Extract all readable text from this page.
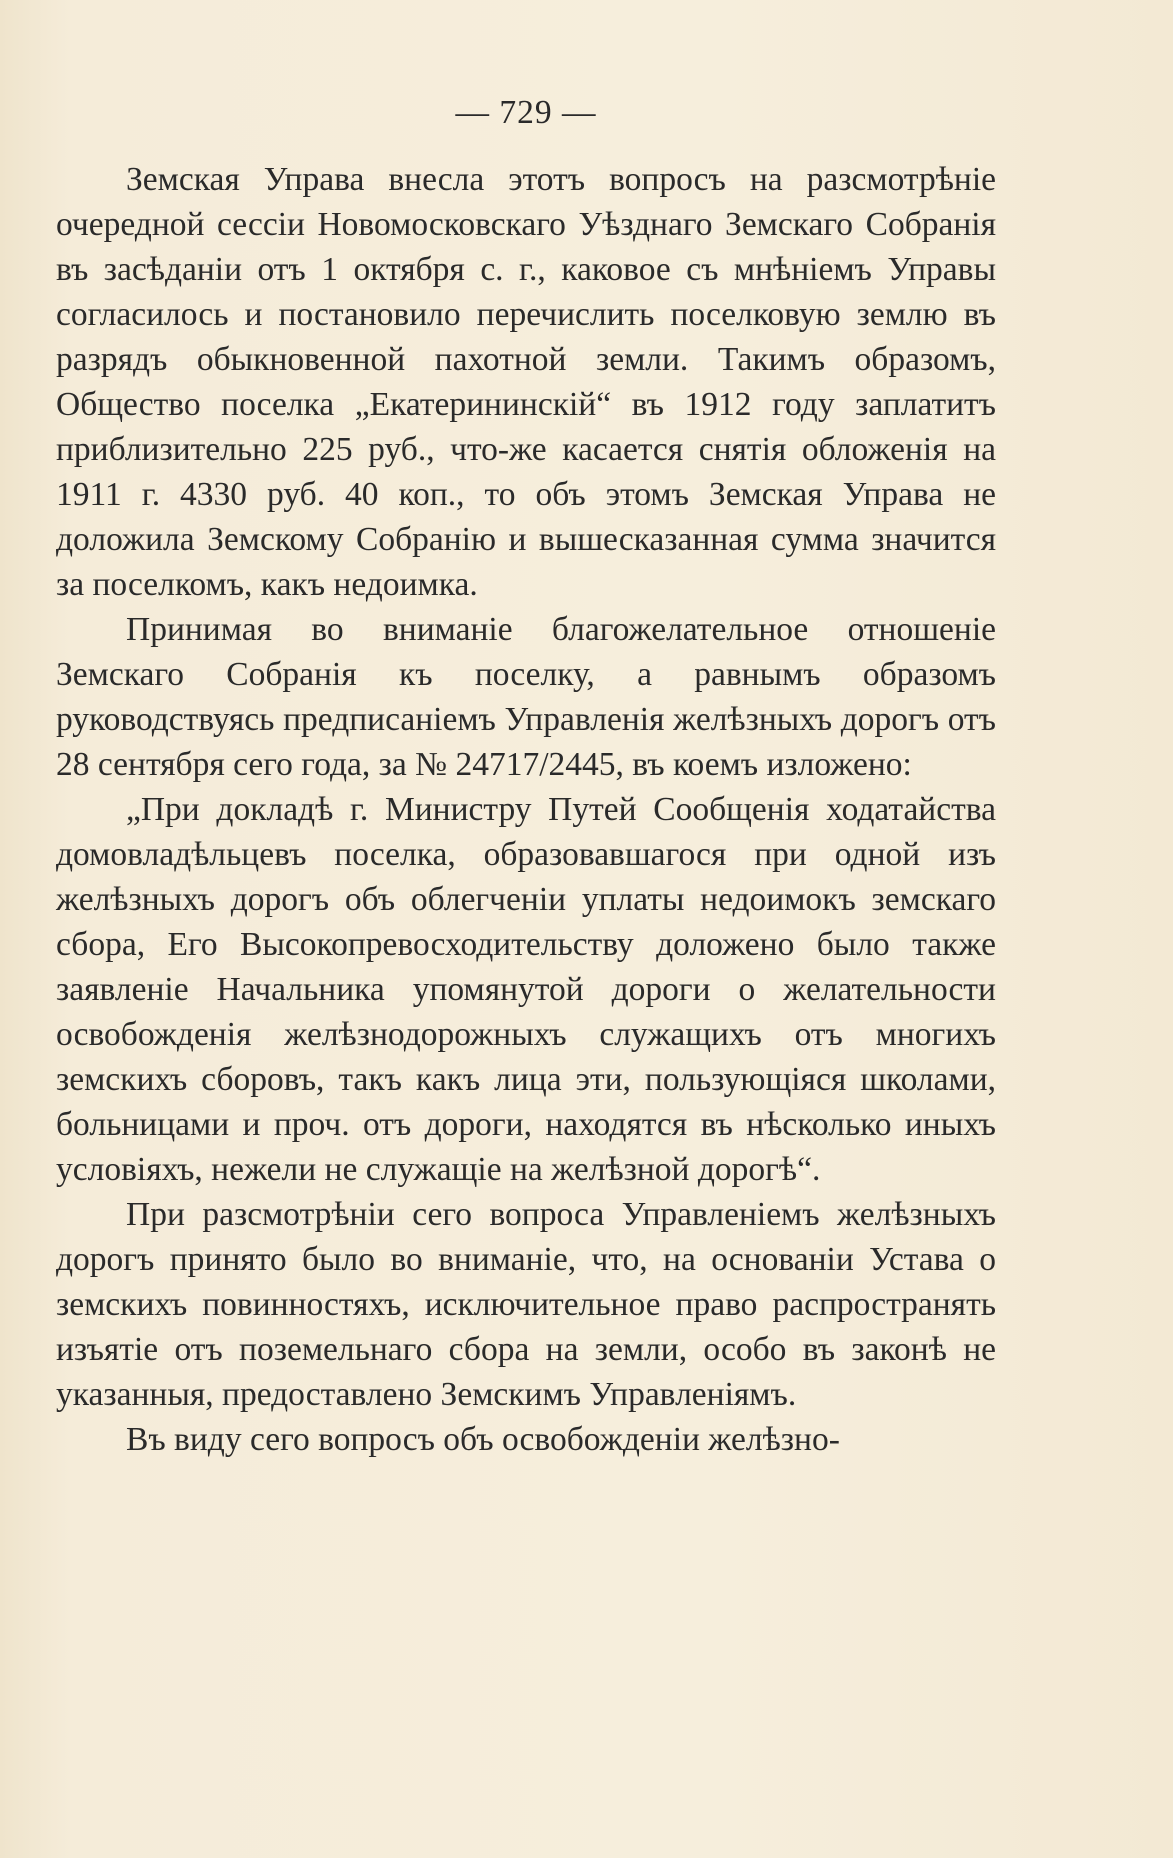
— 729 —

Земская Управа внесла этотъ вопросъ на разсмотрѣніе очередной сессіи Новомосковскаго Уѣзднаго Земскаго Собранія въ засѣданіи отъ 1 октября с. г., каковое съ мнѣніемъ Управы согласилось и постановило перечислить поселковую землю въ разрядъ обыкновенной пахотной земли. Такимъ образомъ, Общество поселка „Екатерининскій“ въ 1912 году заплатитъ приблизительно 225 руб., что-же касается снятія обложенія на 1911 г. 4330 руб. 40 коп., то объ этомъ Земская Управа не доложила Земскому Собранію и вышесказанная сумма значится за поселкомъ, какъ недоимка.

Принимая во вниманіе благожелательное отношеніе Земскаго Собранія къ поселку, а равнымъ образомъ руководствуясь предписаніемъ Управленія желѣзныхъ дорогъ отъ 28 сентября сего года, за № 24717/2445, въ коемъ изложено:

„При докладѣ г. Министру Путей Сообщенія ходатайства домовладѣльцевъ поселка, образовавшагося при одной изъ желѣзныхъ дорогъ объ облегченіи уплаты недоимокъ земскаго сбора, Его Высокопревосходительству доложено было также заявленіе Начальника упомянутой дороги о желательности освобожденія желѣзнодорожныхъ служащихъ отъ многихъ земскихъ сборовъ, такъ какъ лица эти, пользующіяся школами, больницами и проч. отъ дороги, находятся въ нѣсколько иныхъ условіяхъ, нежели не служащіе на желѣзной дорогѣ“.

При разсмотрѣніи сего вопроса Управленіемъ желѣзныхъ дорогъ принято было во вниманіе, что, на основаніи Устава о земскихъ повинностяхъ, исключительное право распространять изъятіе отъ поземельнаго сбора на земли, особо въ законѣ не указанныя, предоставлено Земскимъ Управленіямъ.

Въ виду сего вопросъ объ освобожденіи желѣзно-
